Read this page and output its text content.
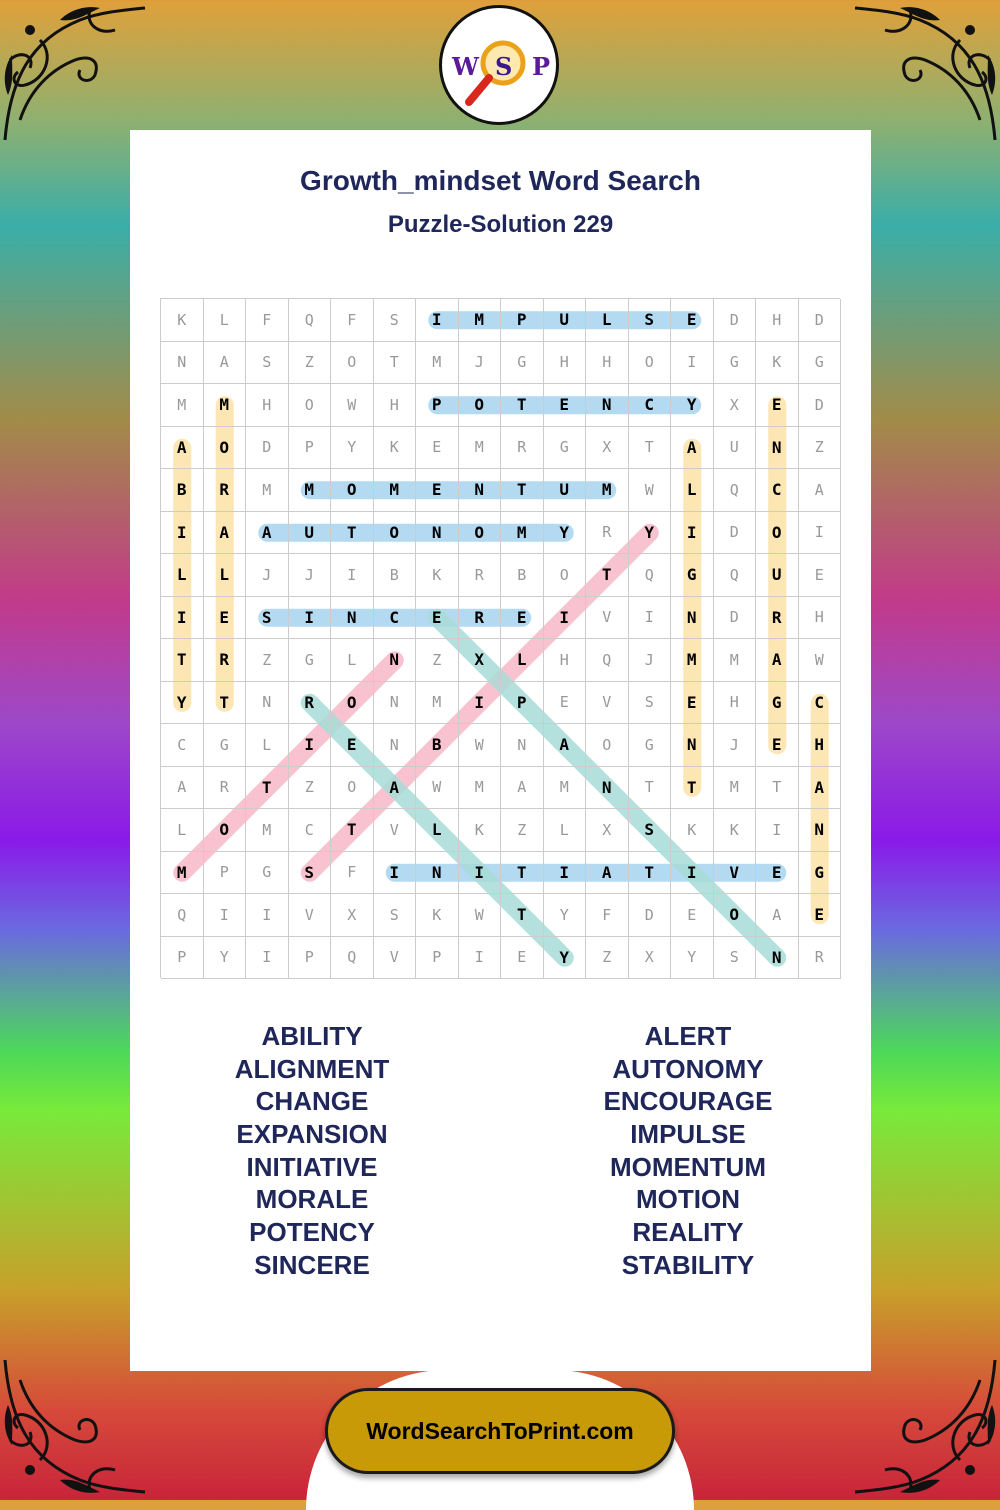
W S P
Growth_mindset Word Search
Puzzle-Solution 229
K	L	F	Q	F	S	I	M	P	U	L	S	E	D	H	D
N	A	S	Z	O	T	M	J	G	H	H	O	I	G	K	G
M	M	H	O	W	H	P	O	T	E	N	C	Y	X	E	D
A	O	D	P	Y	K	E	M	R	G	X	T	A	U	N	Z
B	R	M	M	O	M	E	N	T	U	M	W	L	Q	C	A
I	A	A	U	T	O	N	O	M	Y	R	Y	I	D	O	I
L	L	J	J	I	B	K	R	B	O	T	Q	G	Q	U	E
I	E	S	I	N	C	E	R	E	I	V	I	N	D	R	H
T	R	Z	G	L	N	Z	X	L	H	Q	J	M	M	A	W
Y	T	N	R	O	N	M	I	P	E	V	S	E	H	G	C
C	G	L	I	E	N	B	W	N	A	O	G	N	J	E	H
A	R	T	Z	O	A	W	M	A	M	N	T	T	M	T	A
L	O	M	C	T	V	L	K	Z	L	X	S	K	K	I	N
M	P	G	S	F	I	N	I	T	I	A	T	I	V	E	G
Q	I	I	V	X	S	K	W	T	Y	F	D	E	O	A	E
P	Y	I	P	Q	V	P	I	E	Y	Z	X	Y	S	N	R
ABILITY
ALIGNMENT
CHANGE
EXPANSION
INITIATIVE
MORALE
POTENCY
SINCERE
ALERT
AUTONOMY
ENCOURAGE
IMPULSE
MOMENTUM
MOTION
REALITY
STABILITY
WordSearchToPrint.com
